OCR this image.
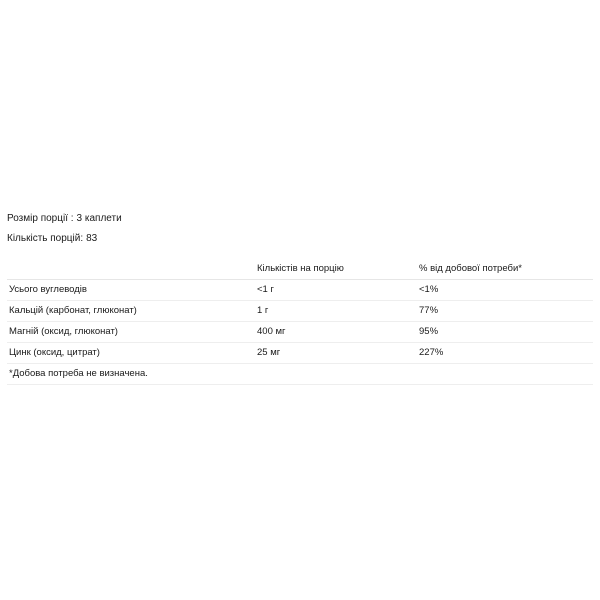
Розмір порції : 3 каплети

Кількість порцій: 83

	Кількістів на порцію	% від добової потреби*
Усього вуглеводів	<1 г	<1%
Кальцій (карбонат, глюконат)	1 г	77%
Магній (оксид, глюконат)	400 мг	95%
Цинк (оксид, цитрат)	25 мг	227%
*Добова потреба не визначена.		
